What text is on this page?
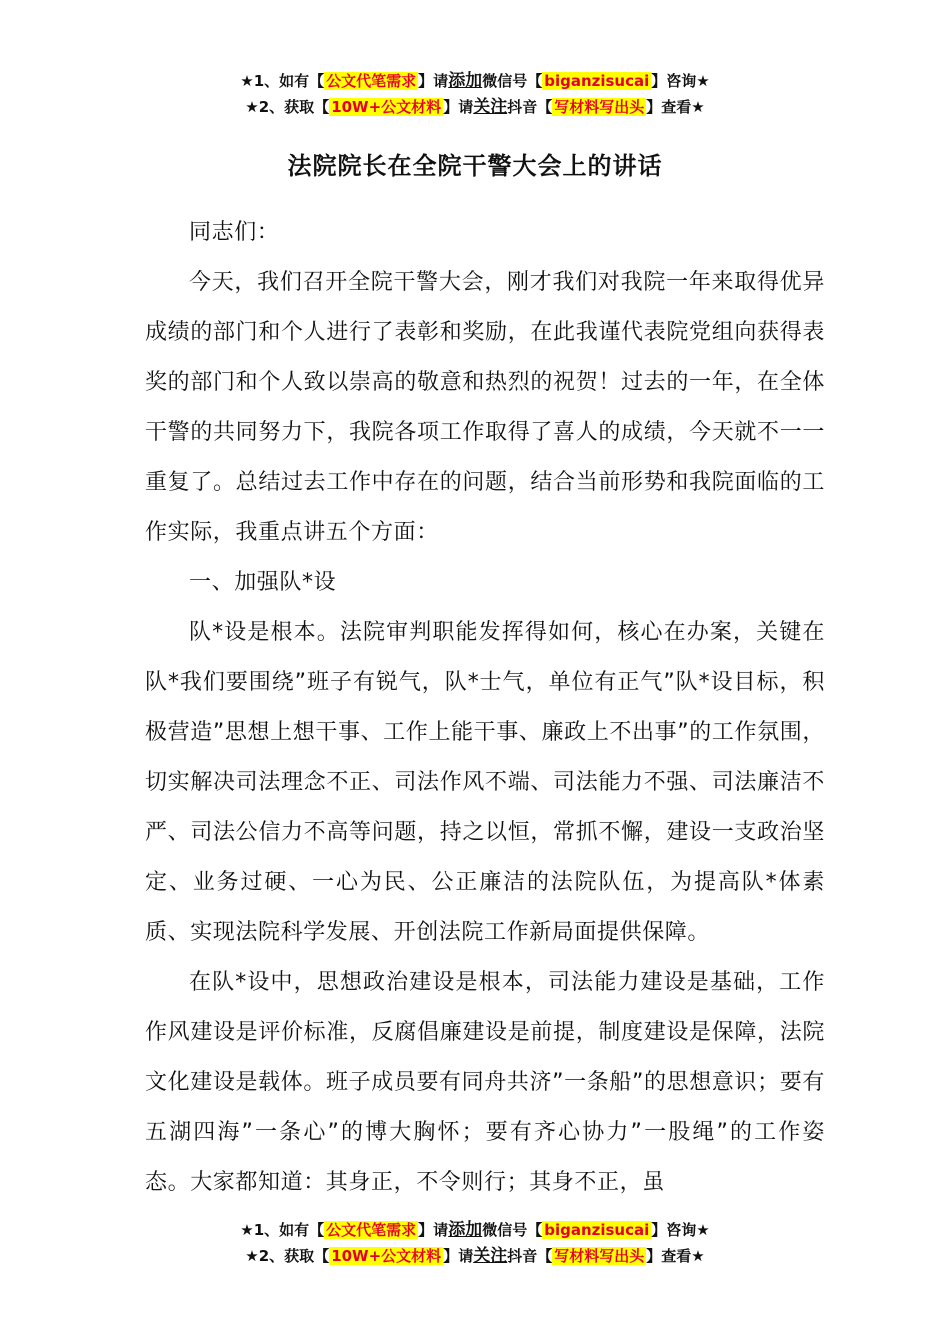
★1、如有【 公文代笔需求 】请添加微信号【 biganzisucai 】咨询★
★2、获取【 10W+公文材料 】请关注抖音【 写材料写出头 】查看★
法院院长在全院干警大会上的讲话

同志们：

今天，我们召开全院干警大会，刚才我们对我院一年来取得优异成绩的部门和个人进行了表彰和奖励，在此我谨代表院党组向获得表奖的部门和个人致以崇高的敬意和热烈的祝贺！过去的一年，在全体干警的共同努力下，我院各项工作取得了喜人的成绩，今天就不一一重复了。总结过去工作中存在的问题，结合当前形势和我院面临的工作实际，我重点讲五个方面：

一、加强队*设

队*设是根本。法院审判职能发挥得如何，核心在办案，关键在队*我们要围绕”班子有锐气，队*士气，单位有正气”队*设目标，积极营造”思想上想干事、工作上能干事、廉政上不出事”的工作氛围，切实解决司法理念不正、司法作风不端、司法能力不强、司法廉洁不严、司法公信力不高等问题，持之以恒，常抓不懈，建设一支政治坚定、业务过硬、一心为民、公正廉洁的法院队伍，为提高队*体素质、实现法院科学发展、开创法院工作新局面提供保障。

在队*设中，思想政治建设是根本，司法能力建设是基础，工作作风建设是评价标准，反腐倡廉建设是前提，制度建设是保障，法院文化建设是载体。班子成员要有同舟共济”一条船”的思想意识；要有五湖四海”一条心”的博大胸怀；要有齐心协力”一股绳”的工作姿态。大家都知道：其身正，不令则行；其身不正，虽

★1、如有【 公文代笔需求 】请添加微信号【 biganzisucai 】咨询★
★2、获取【 10W+公文材料 】请关注抖音【 写材料写出头 】查看★
